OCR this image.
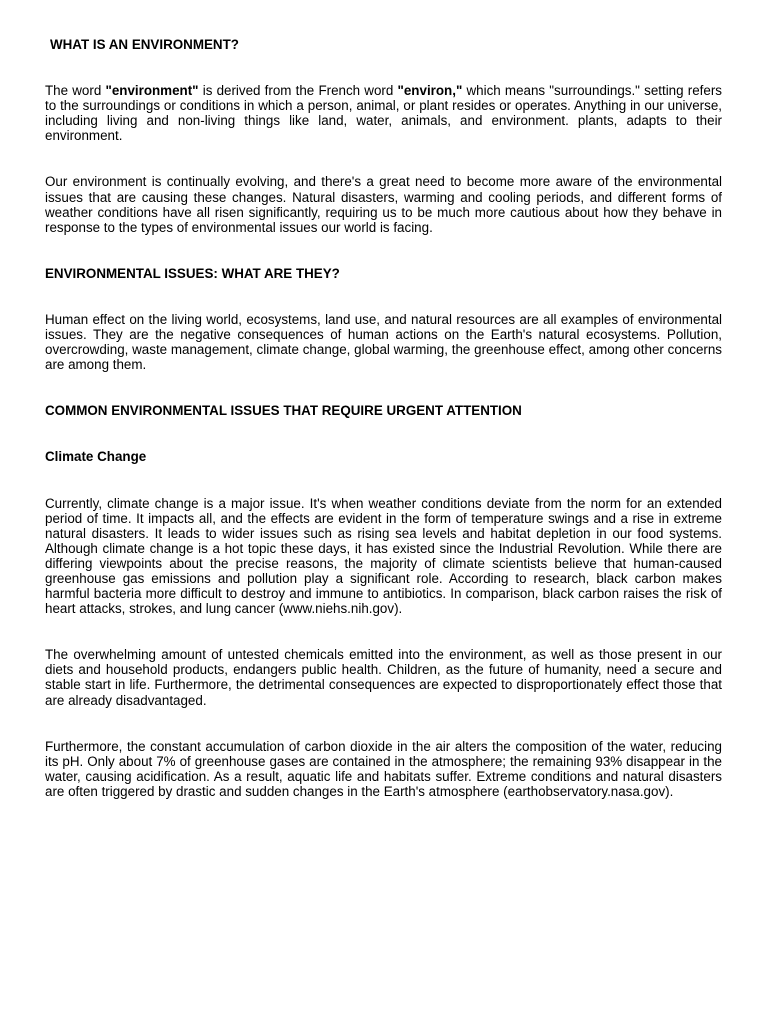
WHAT IS AN ENVIRONMENT?

The word "environment" is derived from the French word "environ," which means "surroundings." setting refers to the surroundings or conditions in which a person, animal, or plant resides or operates. Anything in our universe, including living and non-living things like land, water, animals, and environment. plants, adapts to their environment.

Our environment is continually evolving, and there's a great need to become more aware of the environmental issues that are causing these changes. Natural disasters, warming and cooling periods, and different forms of weather conditions have all risen significantly, requiring us to be much more cautious about how they behave in response to the types of environmental issues our world is facing.

ENVIRONMENTAL ISSUES: WHAT ARE THEY?

Human effect on the living world, ecosystems, land use, and natural resources are all examples of environmental issues. They are the negative consequences of human actions on the Earth's natural ecosystems. Pollution, overcrowding, waste management, climate change, global warming, the greenhouse effect, among other concerns are among them.

COMMON ENVIRONMENTAL ISSUES THAT REQUIRE URGENT ATTENTION
Climate Change

Currently, climate change is a major issue. It's when weather conditions deviate from the norm for an extended period of time. It impacts all, and the effects are evident in the form of temperature swings and a rise in extreme natural disasters. It leads to wider issues such as rising sea levels and habitat depletion in our food systems. Although climate change is a hot topic these days, it has existed since the Industrial Revolution. While there are differing viewpoints about the precise reasons, the majority of climate scientists believe that human-caused greenhouse gas emissions and pollution play a significant role. According to research, black carbon makes harmful bacteria more difficult to destroy and immune to antibiotics. In comparison, black carbon raises the risk of heart attacks, strokes, and lung cancer (www.niehs.nih.gov).

The overwhelming amount of untested chemicals emitted into the environment, as well as those present in our diets and household products, endangers public health. Children, as the future of humanity, need a secure and stable start in life. Furthermore, the detrimental consequences are expected to disproportionately effect those that are already disadvantaged.

Furthermore, the constant accumulation of carbon dioxide in the air alters the composition of the water, reducing its pH. Only about 7% of greenhouse gases are contained in the atmosphere; the remaining 93% disappear in the water, causing acidification. As a result, aquatic life and habitats suffer. Extreme conditions and natural disasters are often triggered by drastic and sudden changes in the Earth's atmosphere (earthobservatory.nasa.gov).
